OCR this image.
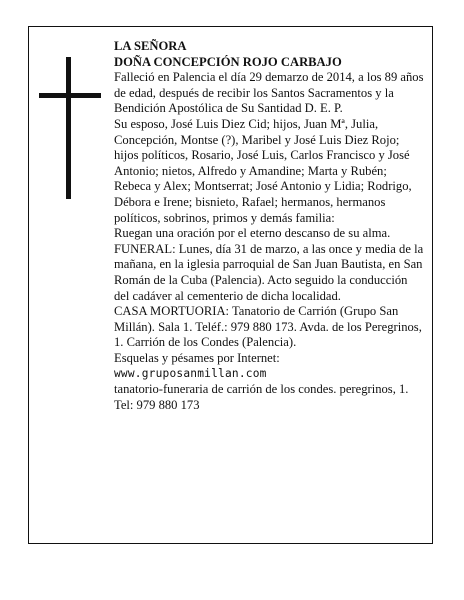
LA SEÑORA

DOÑA CONCEPCIÓN ROJO CARBAJO

Falleció en Palencia el día 29 demarzo de 2014, a los 89 años de edad, después de recibir los Santos Sacramentos y la Bendición Apostólica de Su Santidad D. E. P.

Su esposo, José Luis Diez Cid; hijos, Juan Mª, Julia, Concepción, Montse (?), Maribel y José Luis Diez Rojo; hijos políticos, Rosario, José Luis, Carlos Francisco y José Antonio; nietos, Alfredo y Amandine; Marta y Rubén; Rebeca y Alex; Montserrat; José Antonio y Lidia; Rodrigo, Débora e Irene; bisnieto, Rafael; hermanos, hermanos políticos, sobrinos, primos y demás familia:

Ruegan una oración por el eterno descanso de su alma.

FUNERAL: Lunes, día 31 de marzo, a las once y media de la mañana, en la iglesia parroquial de San Juan Bautista, en San Román de la Cuba (Palencia). Acto seguido la conducción del cadáver al cementerio de dicha localidad.

CASA MORTUORIA: Tanatorio de Carrión (Grupo San Millán). Sala 1. Teléf.: 979 880 173. Avda. de los Peregrinos, 1. Carrión de los Condes (Palencia).

Esquelas y pésames por Internet:

www.gruposanmillan.com

tanatorio-funeraria de carrión de los condes. peregrinos, 1. Tel: 979 880 173
